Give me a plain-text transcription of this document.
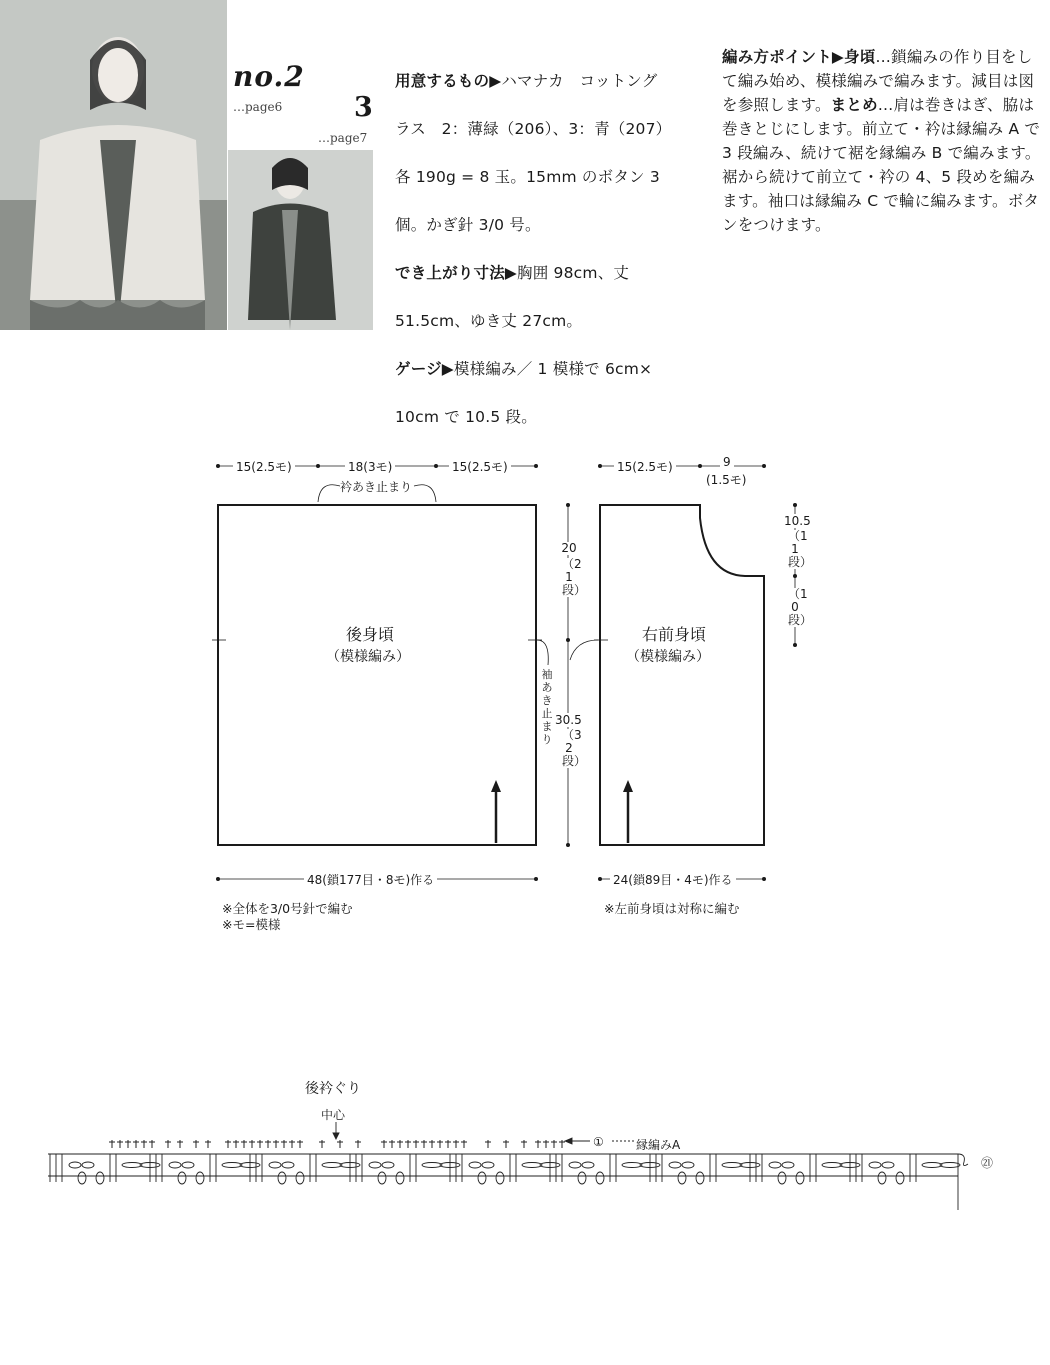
no.2
…page6	3
…page7

用意するもの▶ハマナカ　コットング

ラス　2：薄緑（206）、3：青（207）

各 190g = 8 玉。15mm のボタン 3

個。かぎ針 3/0 号。

でき上がり寸法▶胸囲 98cm、丈

51.5cm、ゆき丈 27cm。

ゲージ▶模様編み／ 1 模様で 6cm×

10cm で 10.5 段。

編み方ポイント▶身頃…鎖編みの作り目をして編み始め、模様編みで編みます。減目は図を参照します。まとめ…肩は巻きはぎ、脇は巻きとじにします。前立て・衿は縁編み A で 3 段編み、続けて裾を縁編み B で編みます。裾から続けて前立て・衿の 4、5 段めを編みます。袖口は縁編み C で輪に編みます。ボタンをつけます。
15(2.5モ)	18(3モ)	15(2.5モ)
衿あき止まり
後身頃
（模様編み）
20
（21段）
30.5
（32段）
袖あき止まり
48(鎖177目・8モ)作る
※全体を3/0号針で編む
※モ=模様
15(2.5モ)	9
(1.5モ)
10.5
（11段）
（10段）
右前身頃
（模様編み）
24(鎖89目・4モ)作る
※左前身頃は対称に編む
後衿ぐり
中心
①	縁編みA
㉑
